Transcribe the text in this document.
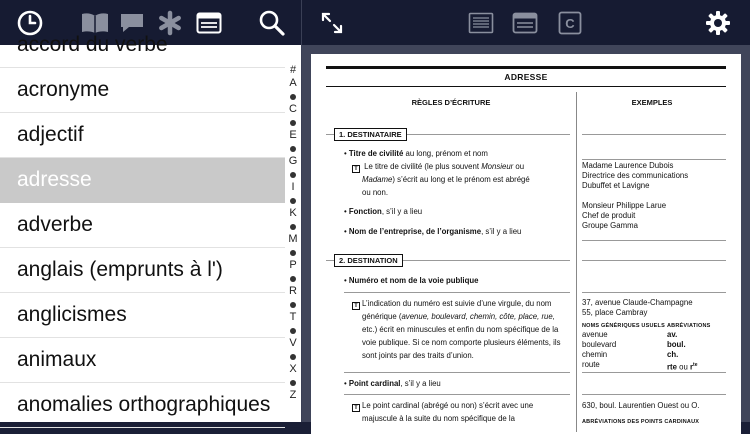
C
accord du verbe
acronyme
adjectif
adresse
adverbe
anglais (emprunts à l')
anglicismes
animaux
anomalies orthographiques
#
A
C
E
G
I
K
M
P
R
T
V
X
Z
ADRESSE
RÈGLES D’ÉCRITURE	EXEMPLES
1. DESTINATAIRE
• Titre de civilité au long, prénom et nom
T Le titre de civilité (le plus souvent Monsieur ou
Madame) s’écrit au long et le prénom est abrégé
ou non.
• Fonction, s’il y a lieu
• Nom de l’entreprise, de l’organisme, s’il y a lieu
Madame Laurence Dubois
Directrice des communications
Dubuffet et Lavigne
Monsieur Philippe Larue
Chef de produit
Groupe Gamma
2. DESTINATION
• Numéro et nom de la voie publique
T L’indication du numéro est suivie d’une virgule, du nom
générique (avenue, boulevard, chemin, côte, place, rue,
etc.) écrit en minuscules et enfin du nom spécifique de la
voie publique. Si ce nom comporte plusieurs éléments, ils
sont joints par des traits d’union.
37, avenue Claude-Champagne
55, place Cambray
NOMS GÉNÉRIQUES USUELS ABRÉVIATIONS
avenue
boulevard
chemin
route
av.
boul.
ch.
rte ou $r^{te}$
• Point cardinal, s’il y a lieu
T Le point cardinal (abrégé ou non) s’écrit avec une
majuscule à la suite du nom spécifique de la
630, boul. Laurentien Ouest ou O.
ABRÉVIATIONS DES POINTS CARDINAUX
